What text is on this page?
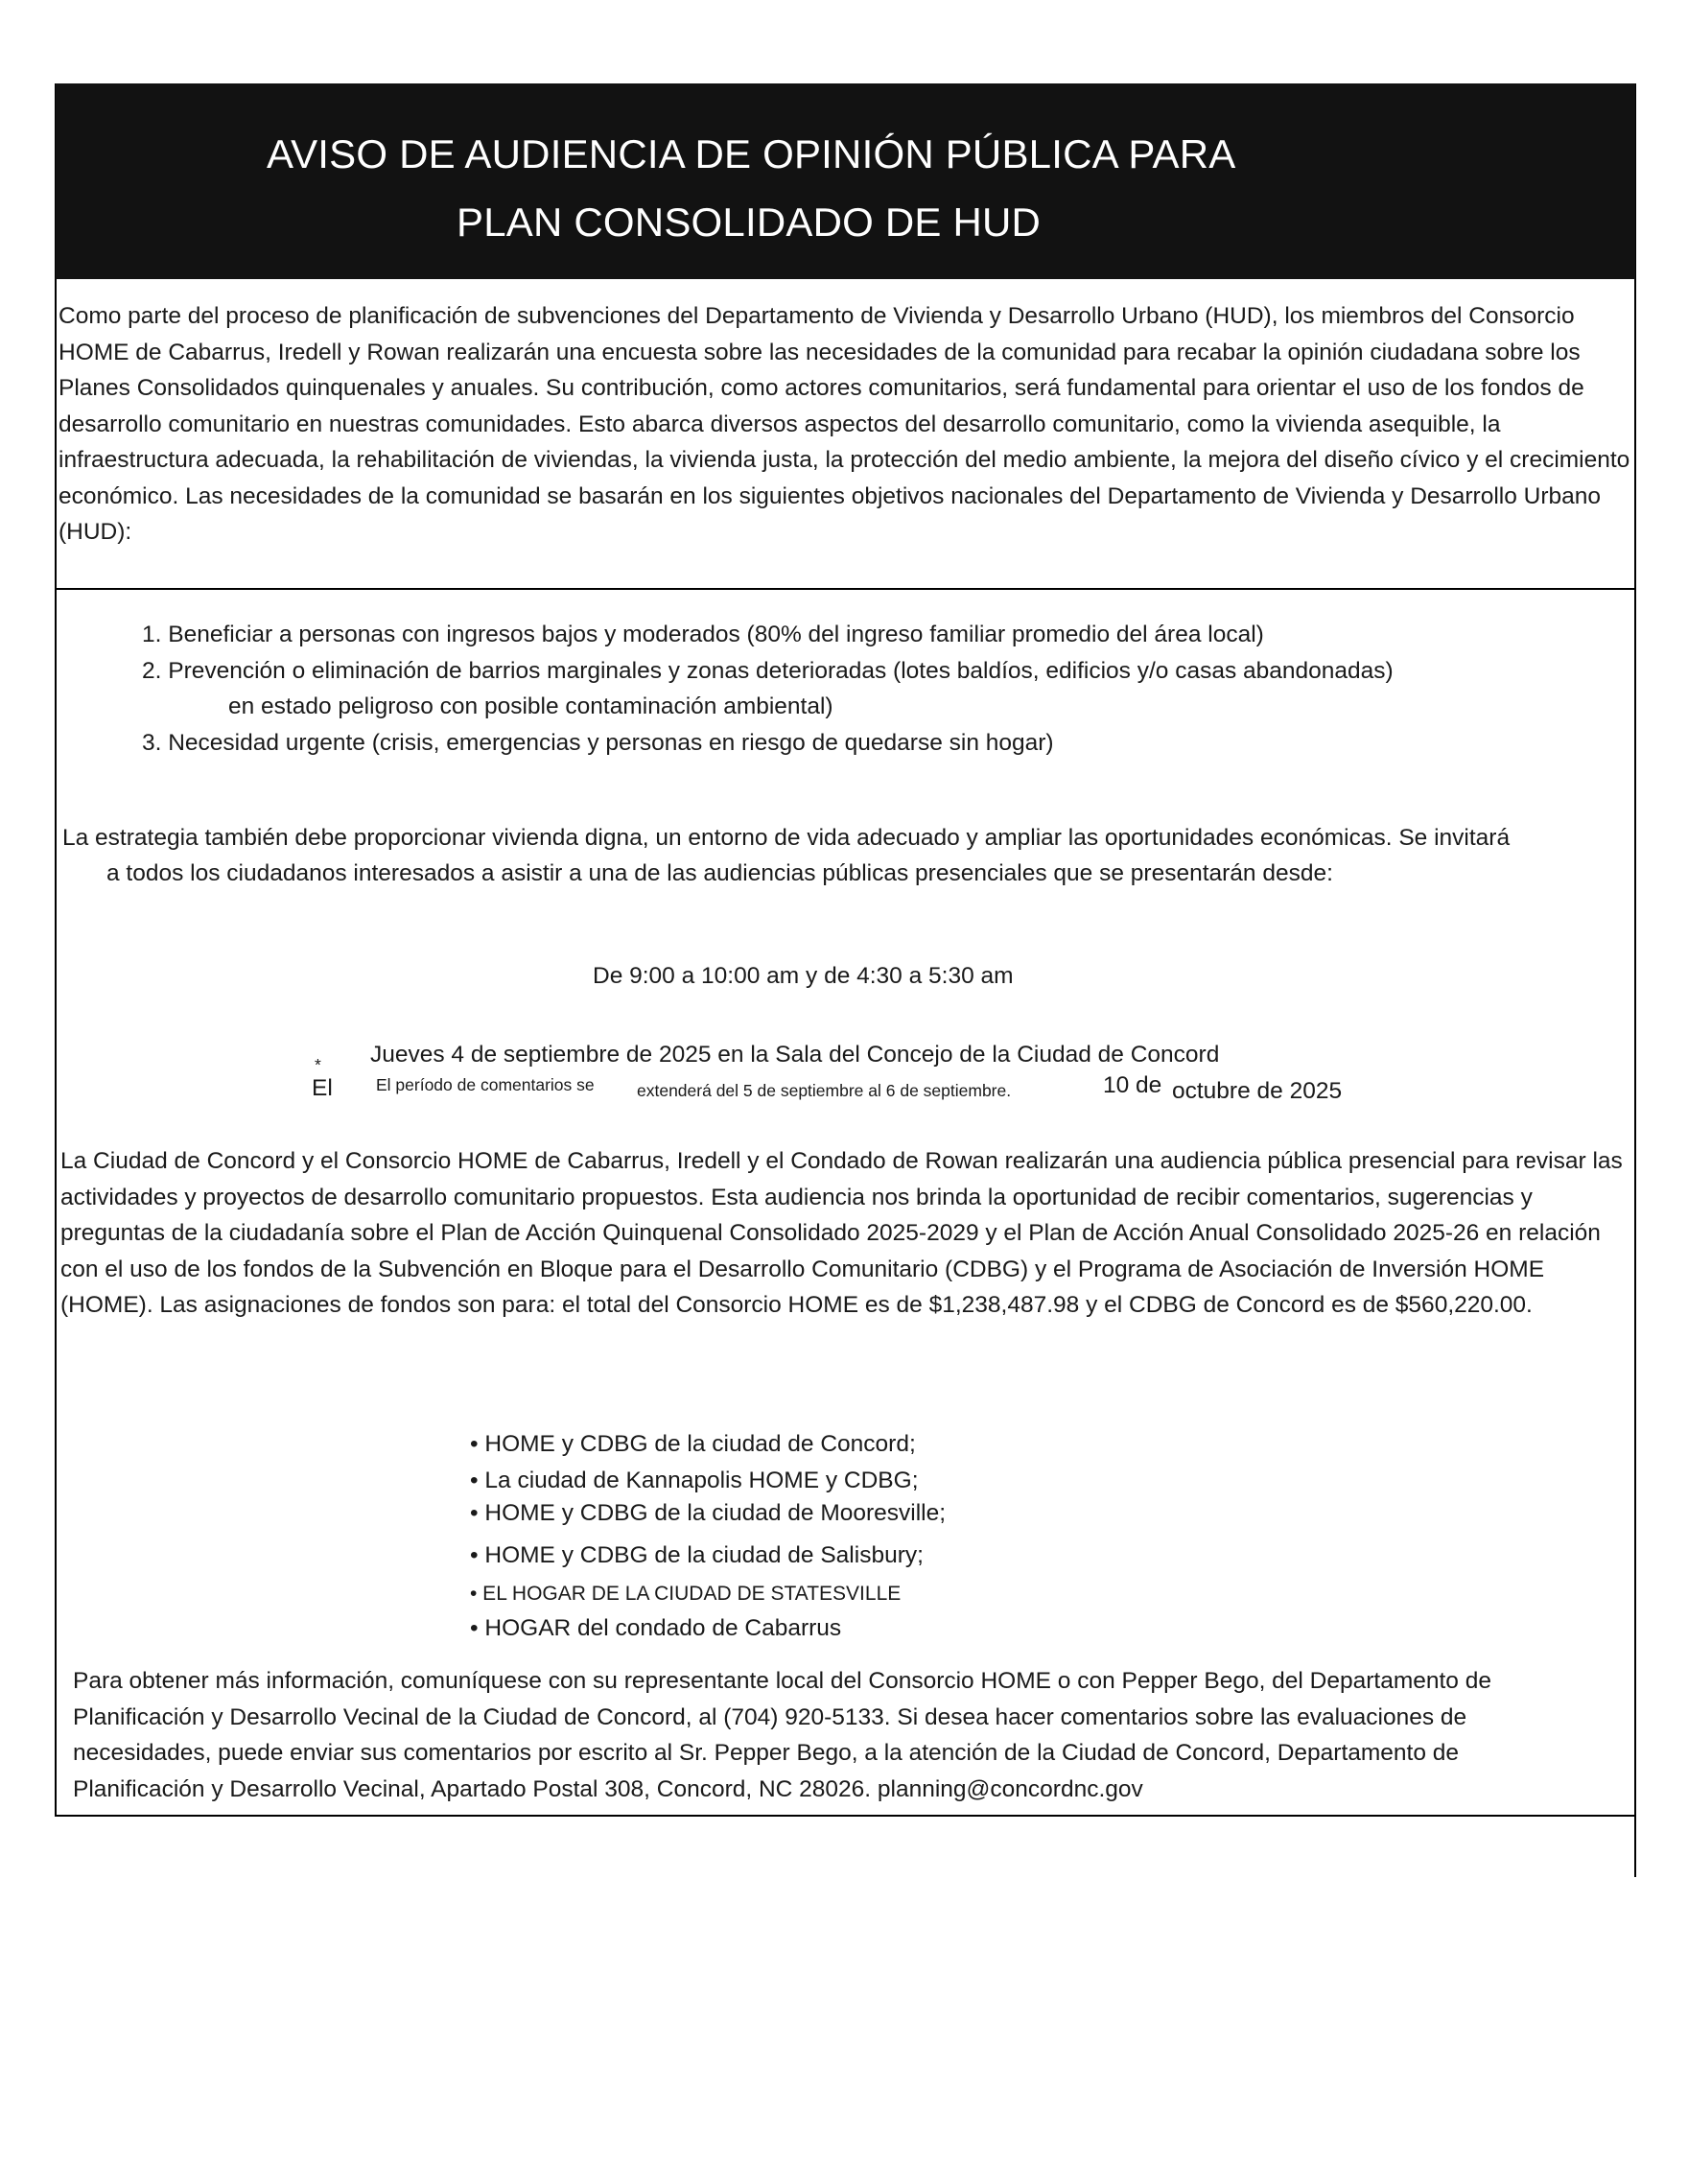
AVISO DE AUDIENCIA DE OPINIÓN PÚBLICA PARA
PLAN CONSOLIDADO DE HUD

Como parte del proceso de planificación de subvenciones del Departamento de Vivienda y Desarrollo Urbano (HUD), los miembros del Consorcio HOME de Cabarrus, Iredell y Rowan realizarán una encuesta sobre las necesidades de la comunidad para recabar la opinión ciudadana sobre los Planes Consolidados quinquenales y anuales. Su contribución, como actores comunitarios, será fundamental para orientar el uso de los fondos de desarrollo comunitario en nuestras comunidades. Esto abarca diversos aspectos del desarrollo comunitario, como la vivienda asequible, la infraestructura adecuada, la rehabilitación de viviendas, la vivienda justa, la protección del medio ambiente, la mejora del diseño cívico y el crecimiento económico. Las necesidades de la comunidad se basarán en los siguientes objetivos nacionales del Departamento de Vivienda y Desarrollo Urbano (HUD):

1. Beneficiar a personas con ingresos bajos y moderados (80% del ingreso familiar promedio del área local)
2. Prevención o eliminación de barrios marginales y zonas deterioradas (lotes baldíos, edificios y/o casas abandonadas)
en estado peligroso con posible contaminación ambiental)
3. Necesidad urgente (crisis, emergencias y personas en riesgo de quedarse sin hogar)
La estrategia también debe proporcionar vivienda digna, un entorno de vida adecuado y ampliar las oportunidades económicas. Se invitará
a todos los ciudadanos interesados a asistir a una de las audiencias públicas presenciales que se presentarán desde:
De 9:00 a 10:00 am y de 4:30 a 5:30 am
Jueves 4 de septiembre de 2025 en la Sala del Concejo de la Ciudad de Concord
*
El	El período de comentarios se	extenderá del 5 de septiembre al 6 de septiembre.	10 de octubre de 2025

La Ciudad de Concord y el Consorcio HOME de Cabarrus, Iredell y el Condado de Rowan realizarán una audiencia pública presencial para revisar las actividades y proyectos de desarrollo comunitario propuestos. Esta audiencia nos brinda la oportunidad de recibir comentarios, sugerencias y preguntas de la ciudadanía sobre el Plan de Acción Quinquenal Consolidado 2025-2029 y el Plan de Acción Anual Consolidado 2025-26 en relación con el uso de los fondos de la Subvención en Bloque para el Desarrollo Comunitario (CDBG) y el Programa de Asociación de Inversión HOME (HOME). Las asignaciones de fondos son para: el total del Consorcio HOME es de $1,238,487.98 y el CDBG de Concord es de $560,220.00.

• HOME y CDBG de la ciudad de Concord;
• La ciudad de Kannapolis HOME y CDBG;
• HOME y CDBG de la ciudad de Mooresville;
• HOME y CDBG de la ciudad de Salisbury;
• EL HOGAR DE LA CIUDAD DE STATESVILLE
• HOGAR del condado de Cabarrus

Para obtener más información, comuníquese con su representante local del Consorcio HOME o con Pepper Bego, del Departamento de Planificación y Desarrollo Vecinal de la Ciudad de Concord, al (704) 920-5133. Si desea hacer comentarios sobre las evaluaciones de necesidades, puede enviar sus comentarios por escrito al Sr. Pepper Bego, a la atención de la Ciudad de Concord, Departamento de Planificación y Desarrollo Vecinal, Apartado Postal 308, Concord, NC 28026. planning@concordnc.gov
